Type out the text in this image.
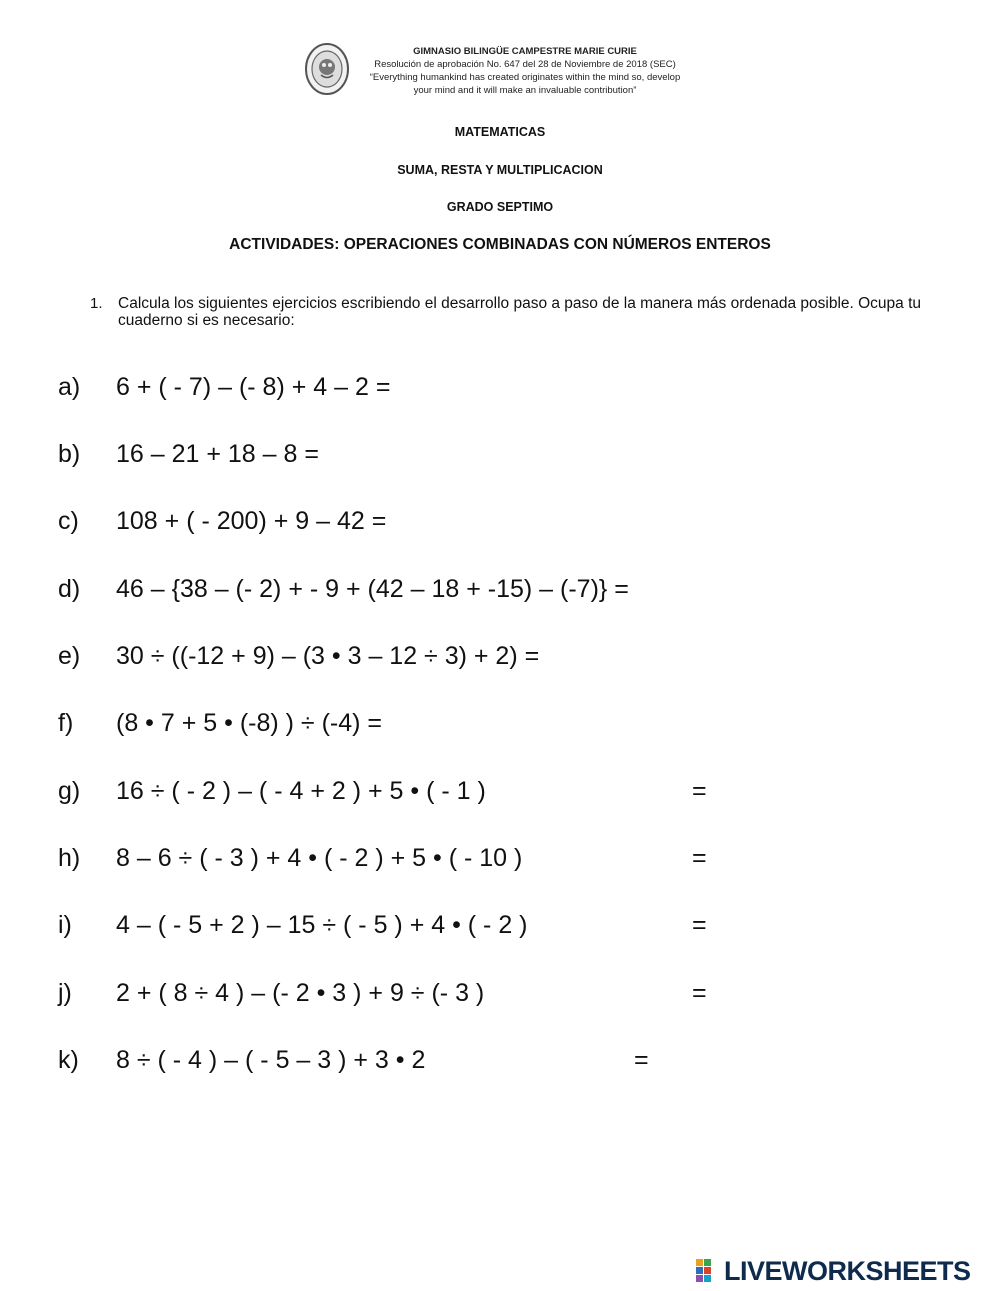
GIMNASIO BILINGÜE CAMPESTRE MARIE CURIE
Resolución de aprobación No. 647 del 28 de Noviembre de 2018 (SEC)
“Everything humankind has created originates within the mind so, develop
your mind and it will make an invaluable contribution”
MATEMATICAS
SUMA, RESTA Y MULTIPLICACION
GRADO SEPTIMO
ACTIVIDADES: OPERACIONES COMBINADAS CON NÚMEROS ENTEROS
1. Calcula los siguientes ejercicios escribiendo el desarrollo paso a paso de la manera más ordenada posible. Ocupa tu cuaderno si es necesario:
a) 6 + ( - 7) – (- 8) + 4 – 2 =
b) 16 – 21 + 18 – 8 =
c) 108 + ( - 200) + 9 – 42 =
d) 46 – {38 – (- 2) + - 9 + (42 – 18 + -15) – (-7)} =
e) 30 ÷ ((-12 + 9) – (3 • 3 – 12 ÷ 3) + 2) =
f) (8 • 7 + 5 • (-8) ) ÷ (-4) =
g) 16 ÷ ( - 2 ) – ( - 4 + 2 ) + 5 • ( - 1 )	=
h) 8 – 6 ÷ ( - 3 ) + 4 • ( - 2 ) + 5 • ( - 10 )	=
i) 4 – ( - 5 + 2 ) – 15 ÷ ( - 5 ) + 4 • ( - 2 )	=
j) 2 + ( 8 ÷ 4 ) – (- 2 • 3 ) + 9 ÷ (- 3 )	=
k) 8 ÷ ( - 4 ) – ( - 5 – 3 ) + 3 • 2	=
LIVEWORKSHEETS
